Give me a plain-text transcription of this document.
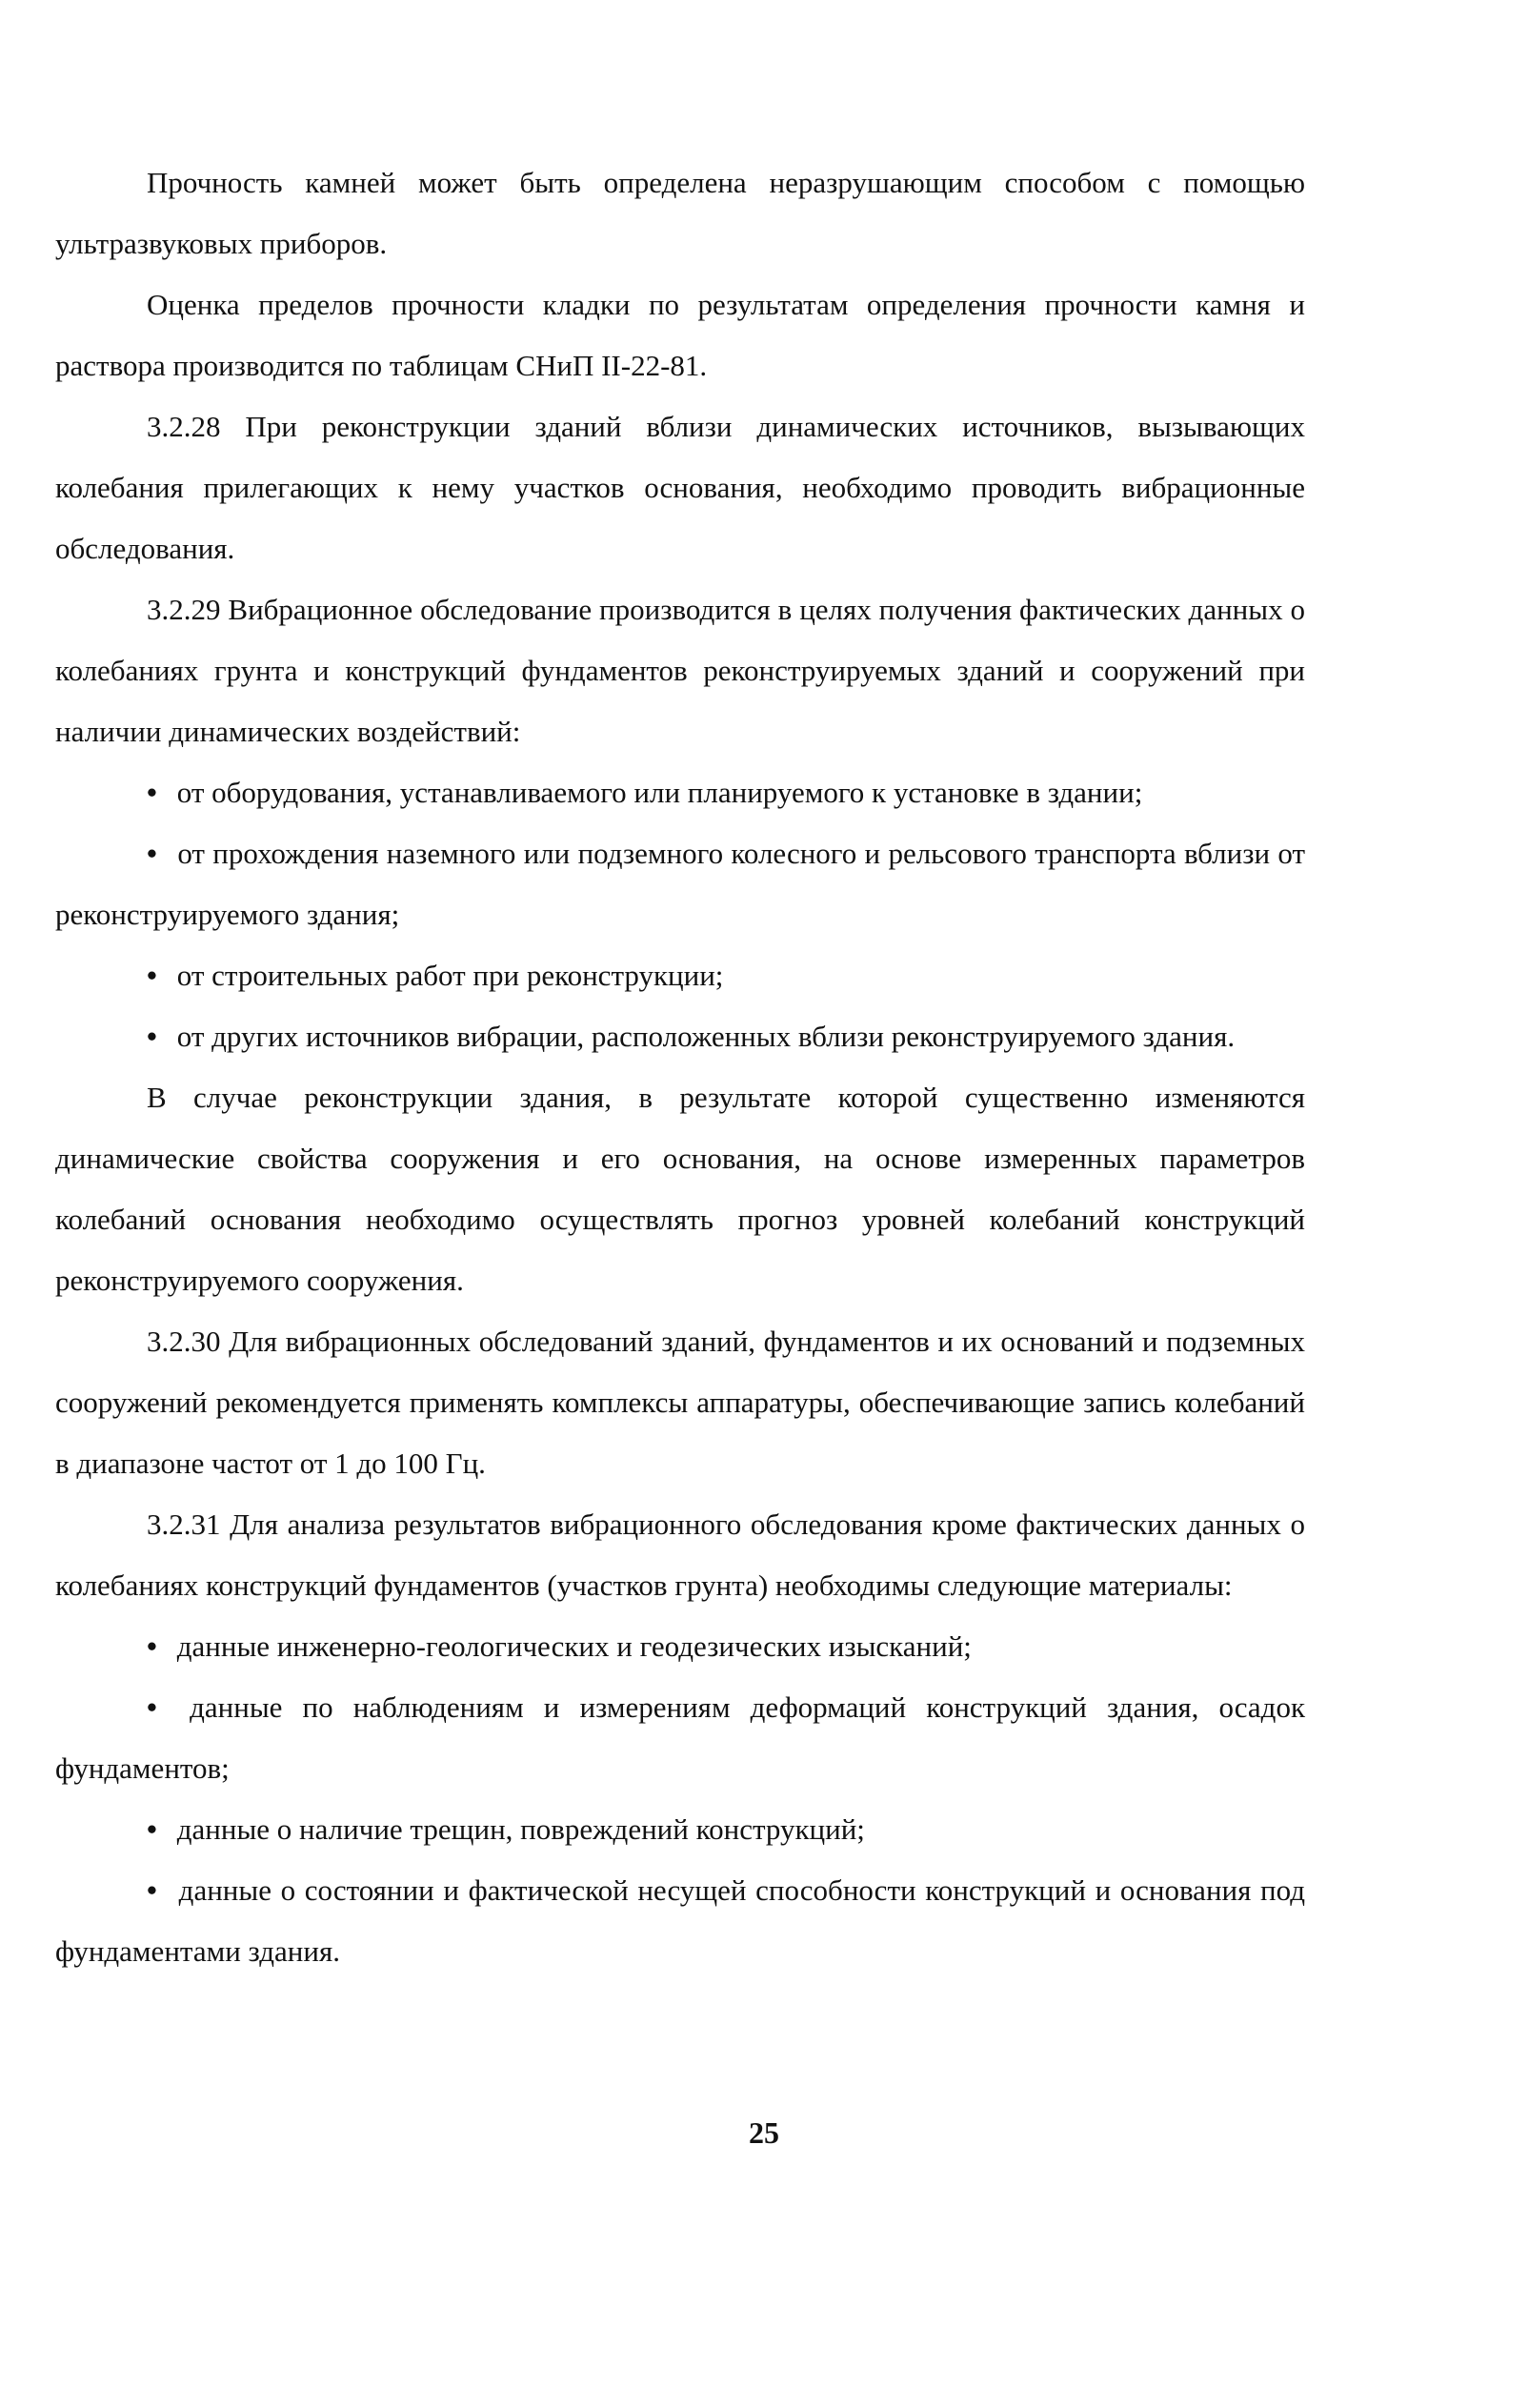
Прочность камней может быть определена неразрушающим способом с помощью ультразвуковых приборов.

Оценка пределов прочности кладки по результатам определения прочности камня и раствора производится по таблицам СНиП II-22-81.

3.2.28 При реконструкции зданий вблизи динамических источников, вызывающих колебания прилегающих к нему участков основания, необходимо проводить вибрационные обследования.

3.2.29 Вибрационное обследование производится в целях получения фактических данных о колебаниях грунта и конструкций фундаментов реконструируемых зданий и сооружений при наличии динамических воздействий:

• от оборудования, устанавливаемого или планируемого к установке в здании;

• от прохождения наземного или подземного колесного и рельсового транспорта вблизи от реконструируемого здания;

• от строительных работ при реконструкции;

• от других источников вибрации, расположенных вблизи реконструируемого здания.

В случае реконструкции здания, в результате которой существенно изменяются динамические свойства сооружения и его основания, на основе измеренных параметров колебаний основания необходимо осуществлять прогноз уровней колебаний конструкций реконструируемого сооружения.

3.2.30 Для вибрационных обследований зданий, фундаментов и их оснований и подземных сооружений рекомендуется применять комплексы аппаратуры, обеспечивающие запись колебаний в диапазоне частот от 1 до 100 Гц.

3.2.31 Для анализа результатов вибрационного обследования кроме фактических данных о колебаниях конструкций фундаментов (участков грунта) необходимы следующие материалы:

• данные инженерно-геологических и геодезических изысканий;

• данные по наблюдениям и измерениям деформаций конструкций здания, осадок фундаментов;

• данные о наличие трещин, повреждений конструкций;

• данные о состоянии и фактической несущей способности конструкций и основания под фундаментами здания.

25
